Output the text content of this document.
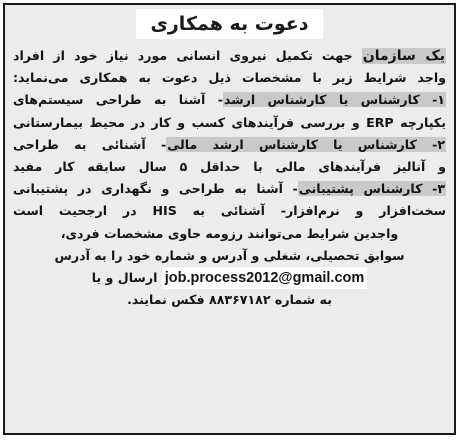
دعوت به همکاری
یک سازمان جهت تکمیل نیروی انسانی مورد نیاز خود از افراد
واجد شرایط زیر با مشخصات ذیل دعوت به همکاری می‌نماید:
۱- کارشناس یا کارشناس ارشد- آشنا به طراحی سیستم‌های
یکپارچه ERP و بررسی فرآیندهای کسب و کار در محیط بیمارستانی
۲- کارشناس یا کارشناس ارشد مالی- آشنائی به طراحی
و آنالیز فرآیندهای مالی با حداقل ۵ سال سابقه کار مفید
۳- کارشناس پشتیبانی- آشنا به طراحی و نگهداری در پشتیبانی
سخت‌افزار و نرم‌افزار- آشنائی به HIS در ارجحیت است
واجدین شرایط می‌توانند رزومه حاوی مشخصات فردی،
سوابق تحصیلی، شغلی و آدرس و شماره خود را به آدرس
job.process2012@gmail.com ارسال و یا
به شماره ۸۸۳۶۷۱۸۲ فکس نمایند.
